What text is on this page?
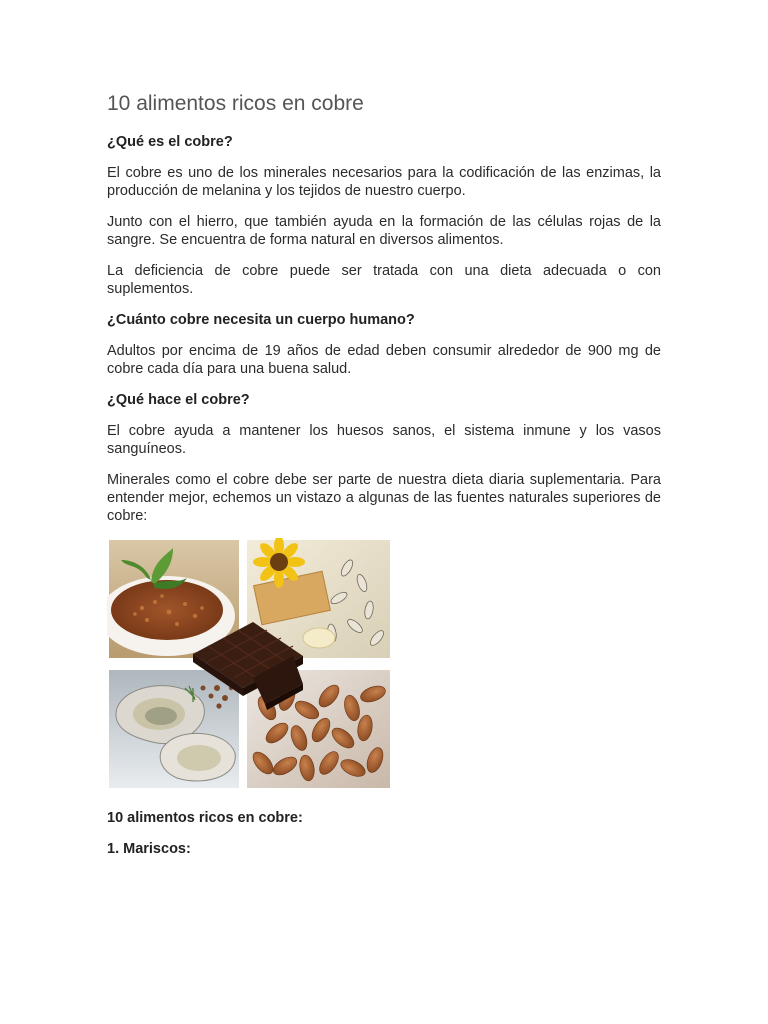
10 alimentos ricos en cobre
¿Qué es el cobre?

El cobre es uno de los minerales necesarios para la codificación de las enzimas, la producción de melanina y los tejidos de nuestro cuerpo.

Junto con el hierro, que también ayuda en la formación de las células rojas de la sangre. Se encuentra de forma natural en diversos alimentos.

La deficiencia de cobre puede ser tratada con una dieta adecuada o con suplementos.

¿Cuánto cobre necesita un cuerpo humano?

Adultos por encima de 19 años de edad deben consumir alrededor de 900 mg de cobre cada día para una buena salud.

¿Qué hace el cobre?

El cobre ayuda a mantener los huesos sanos, el sistema inmune y los vasos sanguíneos.

Minerales como el cobre debe ser parte de nuestra dieta diaria suplementaria. Para entender mejor, echemos un vistazo a algunas de las fuentes naturales superiores de cobre:

10 alimentos ricos en cobre:
1. Mariscos:
